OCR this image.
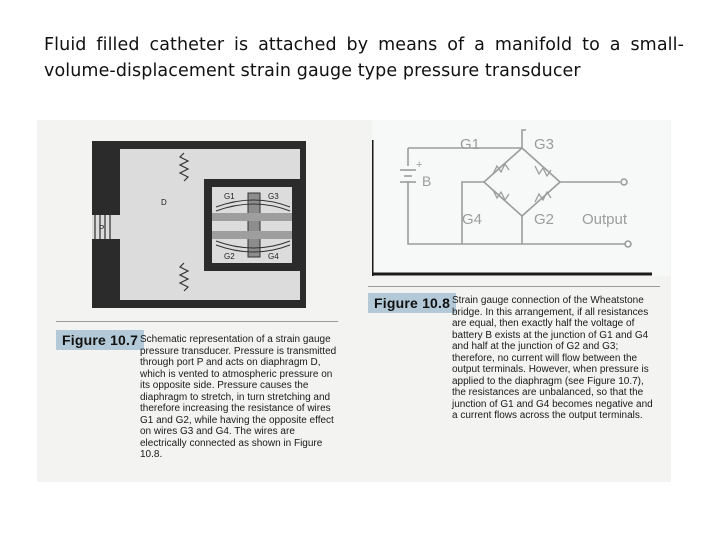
Fluid filled catheter is attached by means of a manifold to a small-volume-displacement strain gauge type pressure transducer
D
P
G1	G3
G2	G4
G1	G3
G4	G2
B
+
Output
Figure 10.7 Schematic representation of a strain gauge pressure transducer. Pressure is transmitted through port P and acts on diaphragm D, which is vented to atmospheric pressure on its opposite side. Pressure causes the diaphragm to stretch, in turn stretching and therefore increasing the resistance of wires G1 and G2, while having the opposite effect on wires G3 and G4. The wires are electrically connected as shown in Figure 10.8.
Figure 10.8 Strain gauge connection of the Wheatstone bridge. In this arrangement, if all resistances are equal, then exactly half the voltage of battery B exists at the junction of G1 and G4 and half at the junction of G2 and G3; therefore, no current will flow between the output terminals. However, when pressure is applied to the diaphragm (see Figure 10.7), the resistances are unbalanced, so that the junction of G1 and G4 becomes negative and a current flows across the output terminals.
